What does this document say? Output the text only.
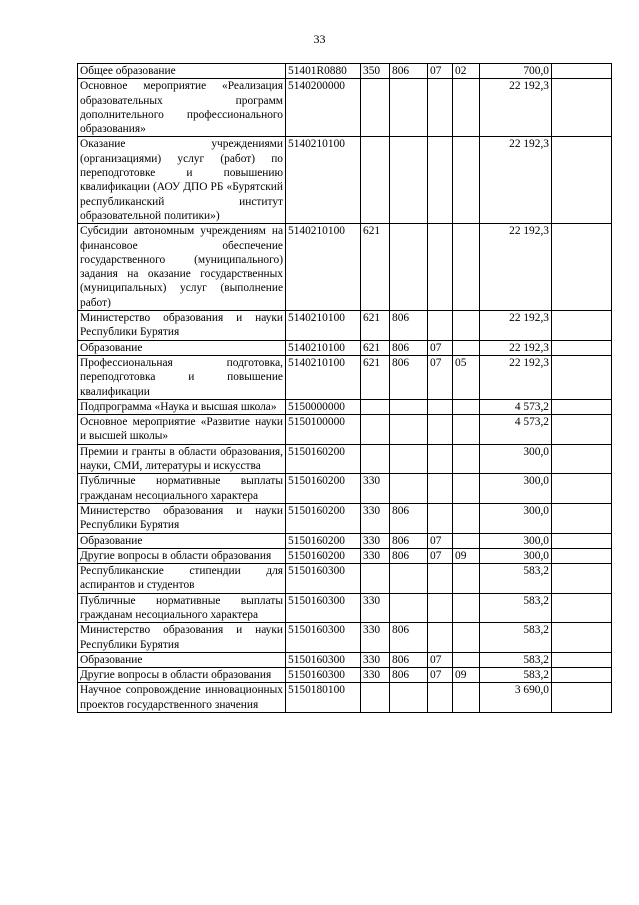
33
Общее образование	51401R0880	350	806	07	02	700,0	
Основное мероприятие «Реализация образовательных программ дополнительного профессионального образования»	5140200000					22 192,3	
Оказание учреждениями (организациями) услуг (работ) по переподготовке и повышению квалификации (АОУ ДПО РБ «Бурятский республиканский институт образовательной политики»)	5140210100					22 192,3	
Субсидии автономным учреждениям на финансовое обеспечение государственного (муниципального) задания на оказание государственных (муниципальных) услуг (выполнение работ)	5140210100	621				22 192,3	
Министерство образования и науки Республики Бурятия	5140210100	621	806			22 192,3	
Образование	5140210100	621	806	07		22 192,3	
Профессиональная подготовка, переподготовка и повышение квалификации	5140210100	621	806	07	05	22 192,3	
Подпрограмма «Наука и высшая школа»	5150000000					4 573,2	
Основное мероприятие «Развитие науки и высшей школы»	5150100000					4 573,2	
Премии и гранты в области образования, науки, СМИ, литературы и искусства	5150160200					300,0	
Публичные нормативные выплаты гражданам несоциального характера	5150160200	330				300,0	
Министерство образования и науки Республики Бурятия	5150160200	330	806			300,0	
Образование	5150160200	330	806	07		300,0	
Другие вопросы в области образования	5150160200	330	806	07	09	300,0	
Республиканские стипендии для аспирантов и студентов	5150160300					583,2	
Публичные нормативные выплаты гражданам несоциального характера	5150160300	330				583,2	
Министерство образования и науки Республики Бурятия	5150160300	330	806			583,2	
Образование	5150160300	330	806	07		583,2	
Другие вопросы в области образования	5150160300	330	806	07	09	583,2	
Научное сопровождение инновационных проектов государственного значения	5150180100					3 690,0	
